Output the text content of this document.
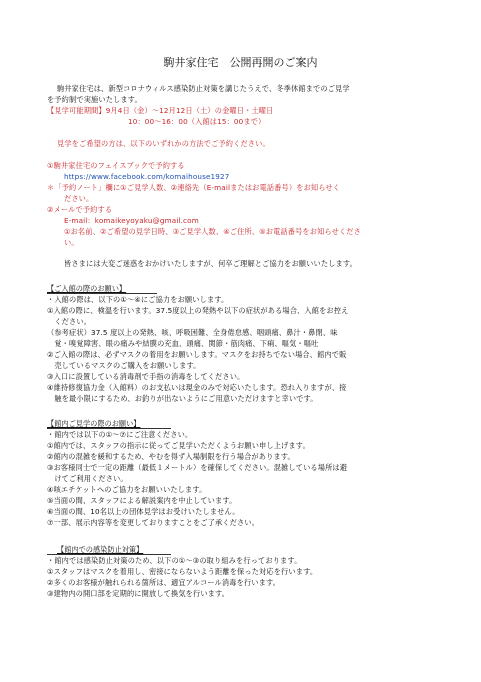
駒井家住宅　公開再開のご案内
駒井家住宅は、新型コロナウィルス感染防止対策を講じたうえで、冬季休館までのご見学
を予約制で実施いたします。
【見学可能期間】9月4日（金）～12月12日（土）の金曜日・土曜日
10：00～16：00（入館は15：00まで）
見学をご希望の方は、以下のいずれかの方法でご予約ください。
①駒井家住宅のフェイスブックで予約する
https://www.facebook.com/komaihouse1927
＊「予約ノート」欄に①ご見学人数、②連絡先（E-mailまたはお電話番号）をお知らせく
ださい。
②メールで予約する
E-mail：komaikeyoyaku@gmail.com
①お名前、②ご希望の見学日時、③ご見学人数、④ご住所、⑤お電話番号をお知らせくださ
い。
皆さまには大変ご迷惑をおかけいたしますが、何卒ご理解とご協力をお願いいたします。
【ご入館の際のお願い】
・入館の際は、以下の①～④にご協力をお願いします。
①入館の際に、検温を行います。37.5度以上の発熱や以下の症状がある場合、入館をお控え
　ください。
（参考症状）37.5 度以上の発熱、咳、呼吸困難、全身倦怠感、咽頭痛、鼻汁・鼻閉、味
　覚・嗅覚障害、眼の痛みや結膜の充血、頭痛、関節・筋肉痛、下痢、嘔気・嘔吐
②ご入館の際は、必ずマスクの着用をお願いします。マスクをお持ちでない場合、館内で販
　売しているマスクのご購入をお願いします。
③入口に設置している消毒剤で手指の消毒をしてください。
④維持修復協力金（入館料）のお支払いは現金のみで対応いたします。恐れ入りますが、接
　触を最小限にするため、お釣りが出ないようにご用意いただけますと幸いです。
【館内ご見学の際のお願い】
・館内では以下の①～⑦にご注意ください。
①館内では、スタッフの指示に従ってご見学いただくようお願い申し上げます。
②館内の混雑を緩和するため、やむを得ず入場制限を行う場合があります。
③お客様同士で一定の距離（最低１メートル）を確保してください。混雑している場所は避
　けてご利用ください。
④咳エチケットへのご協力をお願いいたします。
⑤当面の間、スタッフによる解説案内を中止しています。
⑥当面の間、10名以上の団体見学はお受けいたしません。
⑦一部、展示内容等を変更しておりますことをご了承ください。
【館内での感染防止対策】
・館内では感染防止対策のため、以下の①～③の取り組みを行っております。
①スタッフはマスクを着用し、密接にならないよう距離を保った対応を行います。
②多くのお客様が触れられる箇所は、適宜アルコール消毒を行います。
③建物内の開口部を定期的に開放して換気を行います。
